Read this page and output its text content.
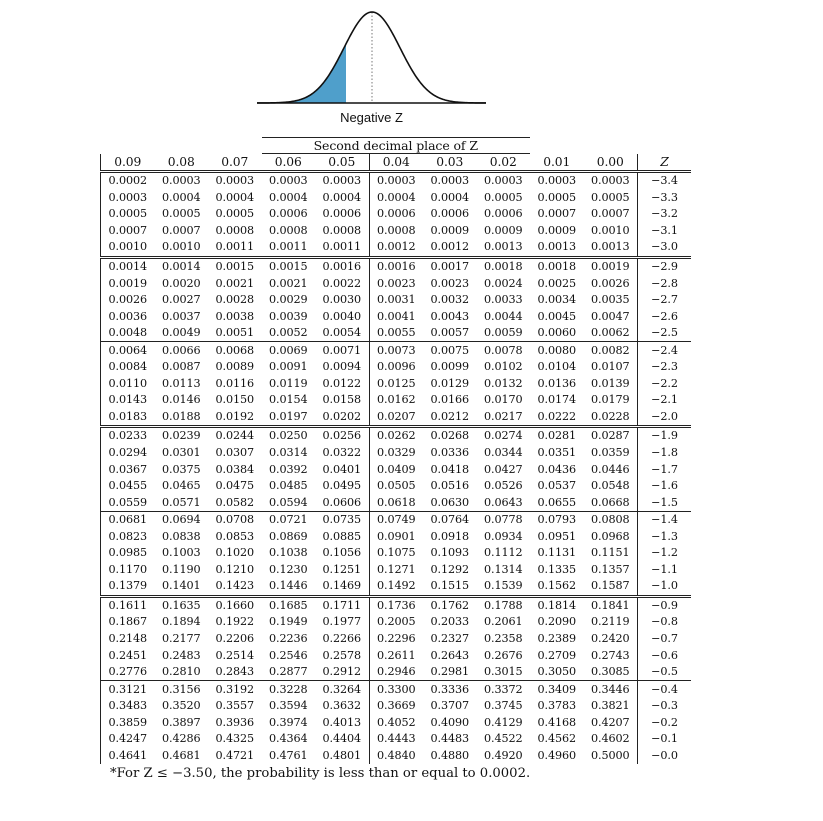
Negative Z
			Second decimal place of Z							
0.09	0.08	0.07	0.06	0.05	0.04	0.03	0.02	0.01	0.00	Z
0.0002	0.0003	0.0003	0.0003	0.0003	0.0003	0.0003	0.0003	0.0003	0.0003	−3.4
0.0003	0.0004	0.0004	0.0004	0.0004	0.0004	0.0004	0.0005	0.0005	0.0005	−3.3
0.0005	0.0005	0.0005	0.0006	0.0006	0.0006	0.0006	0.0006	0.0007	0.0007	−3.2
0.0007	0.0007	0.0008	0.0008	0.0008	0.0008	0.0009	0.0009	0.0009	0.0010	−3.1
0.0010	0.0010	0.0011	0.0011	0.0011	0.0012	0.0012	0.0013	0.0013	0.0013	−3.0
0.0014	0.0014	0.0015	0.0015	0.0016	0.0016	0.0017	0.0018	0.0018	0.0019	−2.9
0.0019	0.0020	0.0021	0.0021	0.0022	0.0023	0.0023	0.0024	0.0025	0.0026	−2.8
0.0026	0.0027	0.0028	0.0029	0.0030	0.0031	0.0032	0.0033	0.0034	0.0035	−2.7
0.0036	0.0037	0.0038	0.0039	0.0040	0.0041	0.0043	0.0044	0.0045	0.0047	−2.6
0.0048	0.0049	0.0051	0.0052	0.0054	0.0055	0.0057	0.0059	0.0060	0.0062	−2.5
0.0064	0.0066	0.0068	0.0069	0.0071	0.0073	0.0075	0.0078	0.0080	0.0082	−2.4
0.0084	0.0087	0.0089	0.0091	0.0094	0.0096	0.0099	0.0102	0.0104	0.0107	−2.3
0.0110	0.0113	0.0116	0.0119	0.0122	0.0125	0.0129	0.0132	0.0136	0.0139	−2.2
0.0143	0.0146	0.0150	0.0154	0.0158	0.0162	0.0166	0.0170	0.0174	0.0179	−2.1
0.0183	0.0188	0.0192	0.0197	0.0202	0.0207	0.0212	0.0217	0.0222	0.0228	−2.0
0.0233	0.0239	0.0244	0.0250	0.0256	0.0262	0.0268	0.0274	0.0281	0.0287	−1.9
0.0294	0.0301	0.0307	0.0314	0.0322	0.0329	0.0336	0.0344	0.0351	0.0359	−1.8
0.0367	0.0375	0.0384	0.0392	0.0401	0.0409	0.0418	0.0427	0.0436	0.0446	−1.7
0.0455	0.0465	0.0475	0.0485	0.0495	0.0505	0.0516	0.0526	0.0537	0.0548	−1.6
0.0559	0.0571	0.0582	0.0594	0.0606	0.0618	0.0630	0.0643	0.0655	0.0668	−1.5
0.0681	0.0694	0.0708	0.0721	0.0735	0.0749	0.0764	0.0778	0.0793	0.0808	−1.4
0.0823	0.0838	0.0853	0.0869	0.0885	0.0901	0.0918	0.0934	0.0951	0.0968	−1.3
0.0985	0.1003	0.1020	0.1038	0.1056	0.1075	0.1093	0.1112	0.1131	0.1151	−1.2
0.1170	0.1190	0.1210	0.1230	0.1251	0.1271	0.1292	0.1314	0.1335	0.1357	−1.1
0.1379	0.1401	0.1423	0.1446	0.1469	0.1492	0.1515	0.1539	0.1562	0.1587	−1.0
0.1611	0.1635	0.1660	0.1685	0.1711	0.1736	0.1762	0.1788	0.1814	0.1841	−0.9
0.1867	0.1894	0.1922	0.1949	0.1977	0.2005	0.2033	0.2061	0.2090	0.2119	−0.8
0.2148	0.2177	0.2206	0.2236	0.2266	0.2296	0.2327	0.2358	0.2389	0.2420	−0.7
0.2451	0.2483	0.2514	0.2546	0.2578	0.2611	0.2643	0.2676	0.2709	0.2743	−0.6
0.2776	0.2810	0.2843	0.2877	0.2912	0.2946	0.2981	0.3015	0.3050	0.3085	−0.5
0.3121	0.3156	0.3192	0.3228	0.3264	0.3300	0.3336	0.3372	0.3409	0.3446	−0.4
0.3483	0.3520	0.3557	0.3594	0.3632	0.3669	0.3707	0.3745	0.3783	0.3821	−0.3
0.3859	0.3897	0.3936	0.3974	0.4013	0.4052	0.4090	0.4129	0.4168	0.4207	−0.2
0.4247	0.4286	0.4325	0.4364	0.4404	0.4443	0.4483	0.4522	0.4562	0.4602	−0.1
0.4641	0.4681	0.4721	0.4761	0.4801	0.4840	0.4880	0.4920	0.4960	0.5000	−0.0
*For Z ≤ −3.50, the probability is less than or equal to 0.0002.
